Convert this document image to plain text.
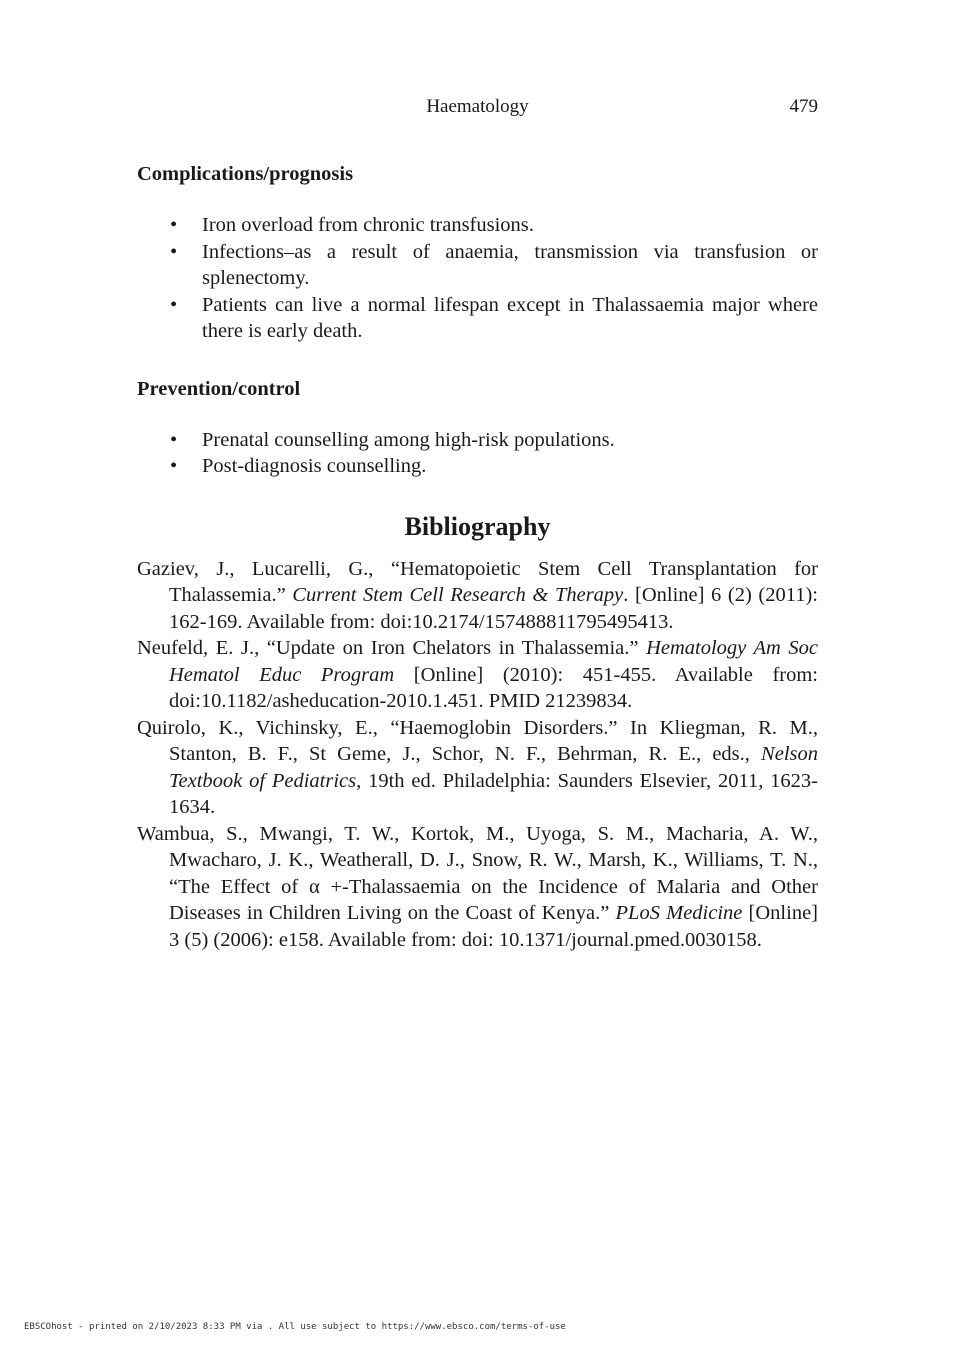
Haematology	479
Complications/prognosis
• Iron overload from chronic transfusions.
• Infections–as a result of anaemia, transmission via transfusion or splenectomy.
• Patients can live a normal lifespan except in Thalassaemia major where there is early death.
Prevention/control
• Prenatal counselling among high-risk populations.
• Post-diagnosis counselling.
Bibliography

Gaziev, J., Lucarelli, G., “Hematopoietic Stem Cell Transplantation for Thalassemia.” Current Stem Cell Research & Therapy. [Online] 6 (2) (2011): 162-169. Available from: doi:10.2174/157488811795495413.

Neufeld, E. J., “Update on Iron Chelators in Thalassemia.” Hematology Am Soc Hematol Educ Program [Online] (2010): 451-455. Available from: doi:10.1182/asheducation-2010.1.451. PMID 21239834.

Quirolo, K., Vichinsky, E., “Haemoglobin Disorders.” In Kliegman, R. M., Stanton, B. F., St Geme, J., Schor, N. F., Behrman, R. E., eds., Nelson Textbook of Pediatrics, 19th ed. Philadelphia: Saunders Elsevier, 2011, 1623-1634.

Wambua, S., Mwangi, T. W., Kortok, M., Uyoga, S. M., Macharia, A. W., Mwacharo, J. K., Weatherall, D. J., Snow, R. W., Marsh, K., Williams, T. N., “The Effect of α +-Thalassaemia on the Incidence of Malaria and Other Diseases in Children Living on the Coast of Kenya.” PLoS Medicine [Online] 3 (5) (2006): e158. Available from: doi: 10.1371/journal.pmed.0030158.

EBSCOhost - printed on 2/10/2023 8:33 PM via . All use subject to https://www.ebsco.com/terms-of-use
